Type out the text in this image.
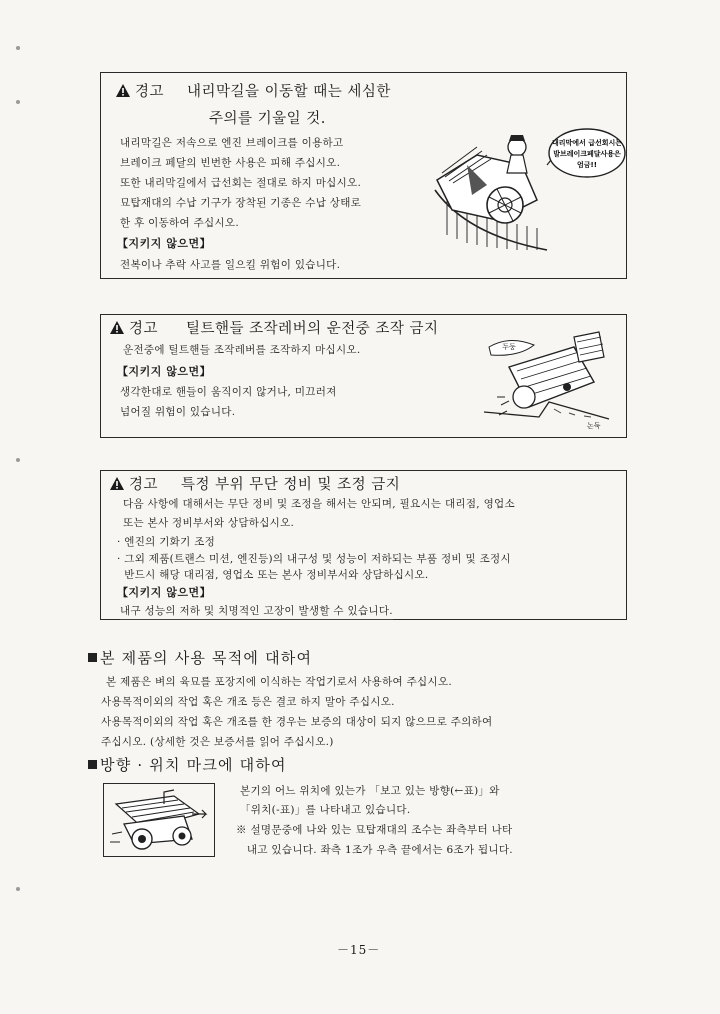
경고 내리막길을 이동할 때는 세심한
주의를 기울일 것.
내리막길은 저속으로 엔진 브레이크를 이용하고
브레이크 페달의 빈번한 사용은 피해 주십시오.
또한 내리막길에서 급선회는 절대로 하지 마십시오.
묘탑재대의 수납 기구가 장착된 기종은 수납 상태로
한 후 이동하여 주십시오.
【지키지 않으면】
전복이나 추락 사고를 일으킬 위험이 있습니다.
내리막에서 급선회시는
발브레이크페달사용은
엄금!!
경고 틸트핸들 조작레버의 운전중 조작 금지
운전중에 틸트핸들 조작레버를 조작하지 마십시오.
【지키지 않으면】
생각한대로 핸들이 움직이지 않거나, 미끄러져
넘어질 위험이 있습니다.
두둥
논둑
경고 특정 부위 무단 정비 및 조정 금지
다음 사항에 대해서는 무단 정비 및 조정을 해서는 안되며, 필요시는 대리점, 영업소
또는 본사 정비부서와 상담하십시오.
· 엔진의 기화기 조정
· 그외 제품(트랜스 미션, 엔진등)의 내구성 및 성능이 저하되는 부품 정비 및 조정시
반드시 해당 대리점, 영업소 또는 본사 정비부서와 상담하십시오.
【지키지 않으면】
내구 성능의 저하 및 치명적인 고장이 발생할 수 있습니다.
본 제품의 사용 목적에 대하여
본 제품은 벼의 육묘를 포장지에 이식하는 작업기로서 사용하여 주십시오.
사용목적이외의 작업 혹은 개조 등은 결코 하지 말아 주십시오.
사용목적이외의 작업 혹은 개조를 한 경우는 보증의 대상이 되지 않으므로 주의하여
주십시오. (상세한 것은 보증서를 읽어 주십시오.)
방향 · 위치 마크에 대하여
본기의 어느 위치에 있는가 「보고 있는 방향(←표)」와
「위치(-표)」를 나타내고 있습니다.
※ 설명문중에 나와 있는 묘탑재대의 조수는 좌측부터 나타
내고 있습니다. 좌측 1조가 우측 끝에서는 6조가 됩니다.
－15－
